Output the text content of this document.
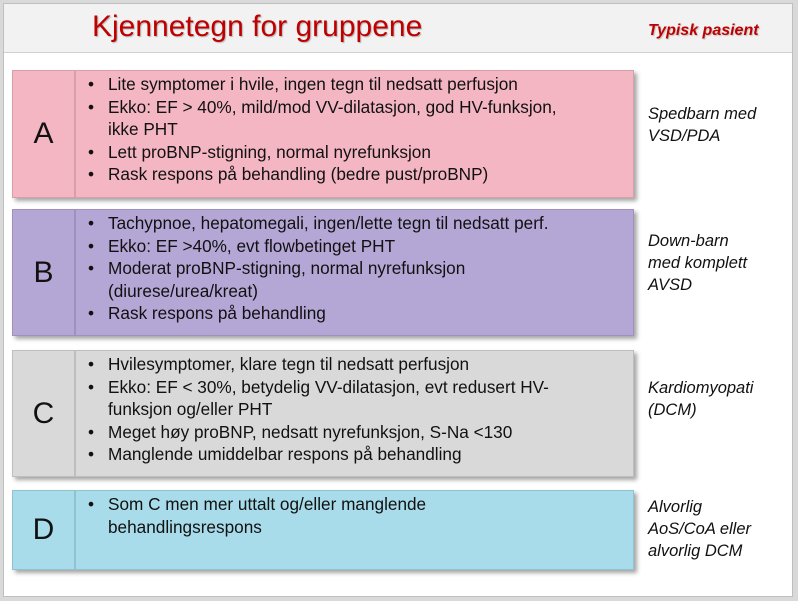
Kjennetegn for gruppene	Typisk pasient
A
• Lite symptomer i hvile, ingen tegn til nedsatt perfusjon
• Ekko: EF > 40%, mild/mod VV-dilatasjon, god HV-funksjon,
ikke PHT
• Lett proBNP-stigning, normal nyrefunksjon
• Rask respons på behandling (bedre pust/proBNP)
Spedbarn med
VSD/PDA
B
• Tachypnoe, hepatomegali, ingen/lette tegn til nedsatt perf.
• Ekko: EF >40%, evt flowbetinget PHT
• Moderat proBNP-stigning, normal nyrefunksjon
(diurese/urea/kreat)
• Rask respons på behandling
Down-barn
med komplett
AVSD
C
• Hvilesymptomer, klare tegn til nedsatt perfusjon
• Ekko: EF < 30%, betydelig VV-dilatasjon, evt redusert HV-
funksjon og/eller PHT
• Meget høy proBNP, nedsatt nyrefunksjon, S-Na <130
• Manglende umiddelbar respons på behandling
Kardiomyopati
(DCM)
D
• Som C men mer uttalt og/eller manglende
behandlingsrespons
Alvorlig
AoS/CoA eller
alvorlig DCM
